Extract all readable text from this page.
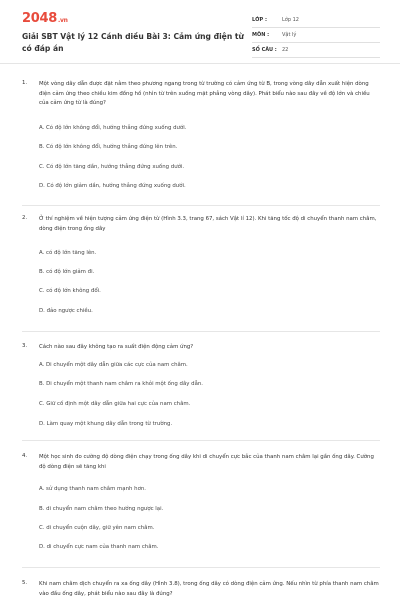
2048.vn
Giải SBT Vật lý 12 Cánh diều Bài 3: Cảm ứng điện từ có đáp án
LỚP :	Lớp 12
MÔN :	Vật lý
SỐ CÂU :	22
1. Một vòng dây dẫn được đặt nằm theo phương ngang trong từ trường có cảm ứng từ B, trong vòng dây dẫn xuất hiện dòng điện cảm ứng theo chiều kim đồng hồ (nhìn từ trên xuống mặt phẳng vòng dây). Phát biểu nào sau đây về độ lớn và chiều của cảm ứng từ là đúng?
A. Có độ lớn không đổi, hướng thẳng đứng xuống dưới.
B. Có độ lớn không đổi, hướng thẳng đứng lên trên.
C. Có độ lớn tăng dần, hướng thẳng đứng xuống dưới.
D. Có độ lớn giảm dần, hướng thẳng đứng xuống dưới.
2. Ở thí nghiệm về hiện tượng cảm ứng điện từ (Hình 3.3, trang 67, sách Vật lí 12). Khi tăng tốc độ di chuyển thanh nam châm, dòng điện trong ống dây
A. có độ lớn tăng lên.
B. có độ lớn giảm đi.
C. có độ lớn không đổi.
D. đảo ngược chiều.
3. Cách nào sau đây không tạo ra suất điện động cảm ứng?
A. Di chuyển một dây dẫn giữa các cực của nam châm.
B. Di chuyển một thanh nam châm ra khỏi một ống dây dẫn.
C. Giữ cố định một dây dẫn giữa hai cực của nam châm.
D. Làm quay một khung dây dẫn trong từ trường.
4. Một học sinh đo cường độ dòng điện chạy trong ống dây khi di chuyển cực bắc của thanh nam châm lại gần ống dây. Cường độ dòng điện sẽ tăng khi
A. sử dụng thanh nam châm mạnh hơn.
B. di chuyển nam châm theo hướng ngược lại.
C. di chuyển cuộn dây, giữ yên nam châm.
D. di chuyển cực nam của thanh nam châm.
5. Khi nam châm dịch chuyển ra xa ống dây (Hình 3.8), trong ống dây có dòng điện cảm ứng. Nếu nhìn từ phía thanh nam châm vào đầu ống dây, phát biểu nào sau đây là đúng?
